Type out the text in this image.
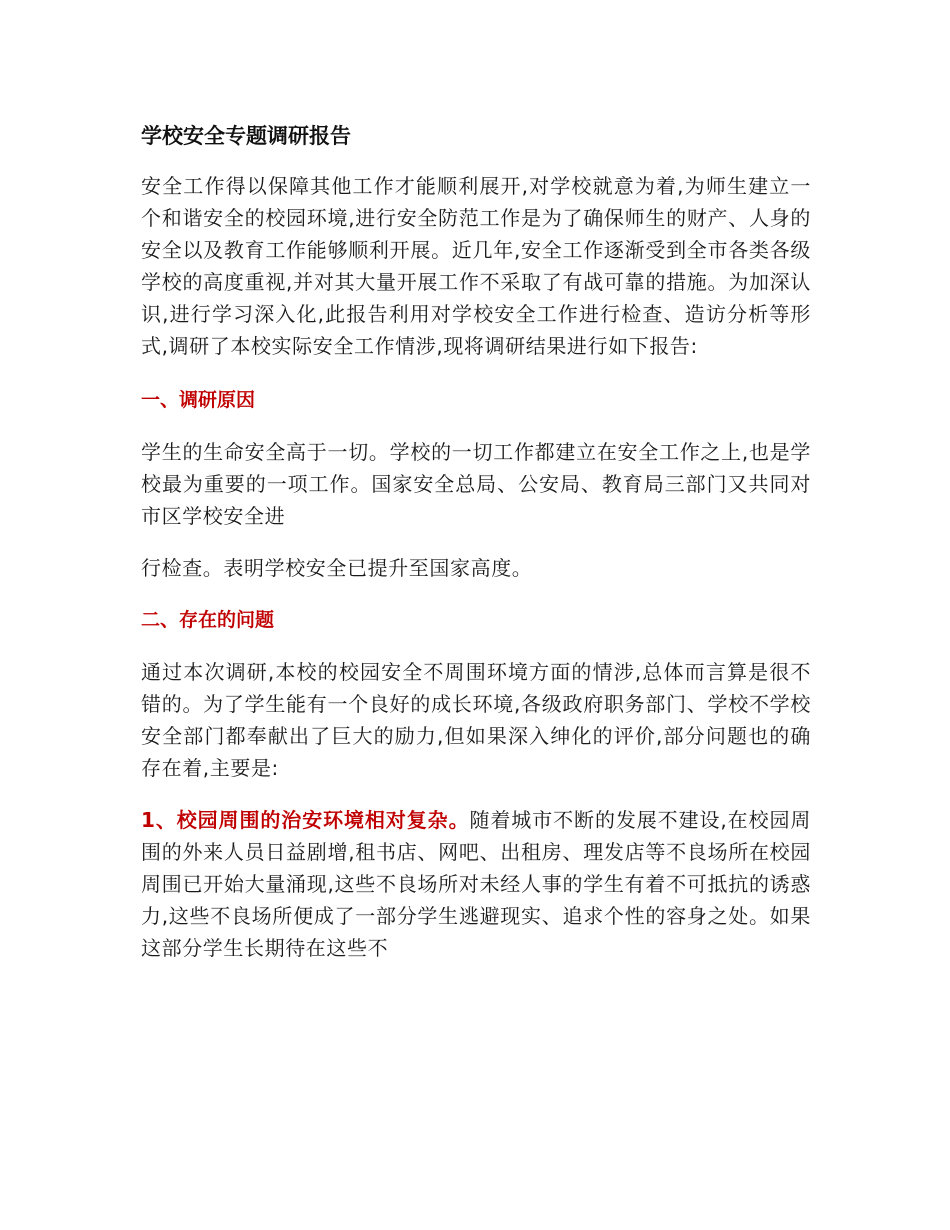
学校安全专题调研报告

安全工作得以保障其他工作才能顺利展开,对学校就意为着,为师生建立一个和谐安全的校园环境,进行安全防范工作是为了确保师生的财产、人身的安全以及教育工作能够顺利开展。近几年,安全工作逐渐受到全市各类各级学校的高度重视,并对其大量开展工作不采取了有战可靠的措施。为加深认识,进行学习深入化,此报告利用对学校安全工作进行检查、造访分析等形式,调研了本校实际安全工作情涉,现将调研结果进行如下报告:

一、调研原因

学生的生命安全高于一切。学校的一切工作都建立在安全工作之上,也是学校最为重要的一项工作。国家安全总局、公安局、教育局三部门又共同对市区学校安全进

行检查。表明学校安全已提升至国家高度。

二、存在的问题

通过本次调研,本校的校园安全不周围环境方面的情涉,总体而言算是很不错的。为了学生能有一个良好的成长环境,各级政府职务部门、学校不学校安全部门都奉献出了巨大的励力,但如果深入绅化的评价,部分问题也的确存在着,主要是:

1、校园周围的治安环境相对复杂。随着城市不断的发展不建设,在校园周围的外来人员日益剧增,租书店、网吧、出租房、理发店等不良场所在校园周围已开始大量涌现,这些不良场所对未经人事的学生有着不可抵抗的诱惑力,这些不良场所便成了一部分学生逃避现实、追求个性的容身之处。如果这部分学生长期待在这些不
